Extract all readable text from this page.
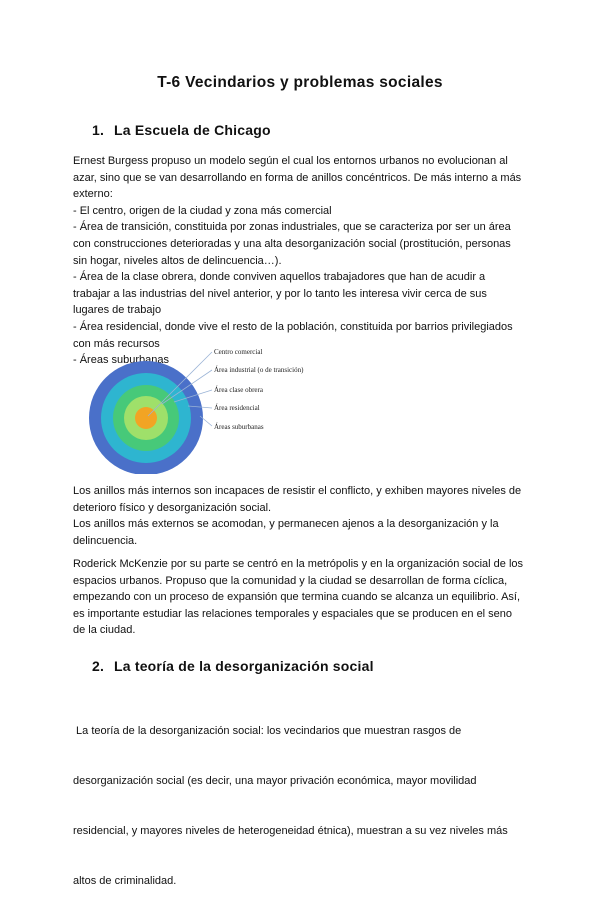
T-6 Vecindarios y problemas sociales
1. La Escuela de Chicago
Ernest Burgess propuso un modelo según el cual los entornos urbanos no evolucionan al
azar, sino que se van desarrollando en forma de anillos concéntricos. De más interno a más
externo:
- El centro, origen de la ciudad y zona más comercial
- Área de transición, constituida por zonas industriales, que se caracteriza por ser un área
con construcciones deterioradas y una alta desorganización social (prostitución, personas
sin hogar, niveles altos de delincuencia…).
- Área de la clase obrera, donde conviven aquellos trabajadores que han de acudir a
trabajar a las industrias del nivel anterior, y por lo tanto les interesa vivir cerca de sus
lugares de trabajo
- Área residencial, donde vive el resto de la población, constituida por barrios privilegiados
con más recursos
- Áreas suburbanas
Centro comercial
Área industrial (o de transición)
Área clase obrera
Área residencial
Áreas suburbanas
Los anillos más internos son incapaces de resistir el conflicto, y exhiben mayores niveles de
deterioro físico y desorganización social.
Los anillos más externos se acomodan, y permanecen ajenos a la desorganización y la
delincuencia.
Roderick McKenzie por su parte se centró en la metrópolis y en la organización social de los
espacios urbanos. Propuso que la comunidad y la ciudad se desarrollan de forma cíclica,
empezando con un proceso de expansión que termina cuando se alcanza un equilibrio. Así,
es importante estudiar las relaciones temporales y espaciales que se producen en el seno
de la ciudad.
2. La teoría de la desorganización social

La teoría de la desorganización social: los vecindarios que muestran rasgos de

desorganización social (es decir, una mayor privación económica, mayor movilidad

residencial, y mayores niveles de heterogeneidad étnica), muestran a su vez niveles más

altos de criminalidad.
